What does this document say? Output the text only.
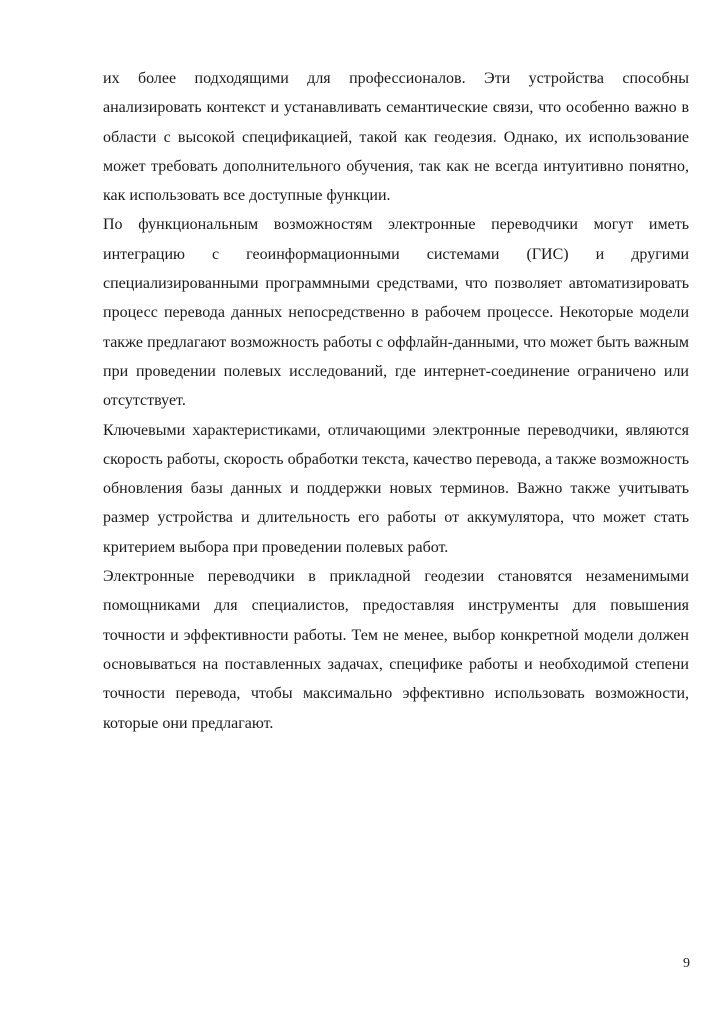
их более подходящими для профессионалов. Эти устройства способны анализировать контекст и устанавливать семантические связи, что особенно важно в области с высокой спецификацией, такой как геодезия. Однако, их использование может требовать дополнительного обучения, так как не всегда интуитивно понятно, как использовать все доступные функции.

По функциональным возможностям электронные переводчики могут иметь интеграцию с геоинформационными системами (ГИС) и другими специализированными программными средствами, что позволяет автоматизировать процесс перевода данных непосредственно в рабочем процессе. Некоторые модели также предлагают возможность работы с оффлайн-данными, что может быть важным при проведении полевых исследований, где интернет-соединение ограничено или отсутствует.

Ключевыми характеристиками, отличающими электронные переводчики, являются скорость работы, скорость обработки текста, качество перевода, а также возможность обновления базы данных и поддержки новых терминов. Важно также учитывать размер устройства и длительность его работы от аккумулятора, что может стать критерием выбора при проведении полевых работ.

Электронные переводчики в прикладной геодезии становятся незаменимыми помощниками для специалистов, предоставляя инструменты для повышения точности и эффективности работы. Тем не менее, выбор конкретной модели должен основываться на поставленных задачах, специфике работы и необходимой степени точности перевода, чтобы максимально эффективно использовать возможности, которые они предлагают.

9
